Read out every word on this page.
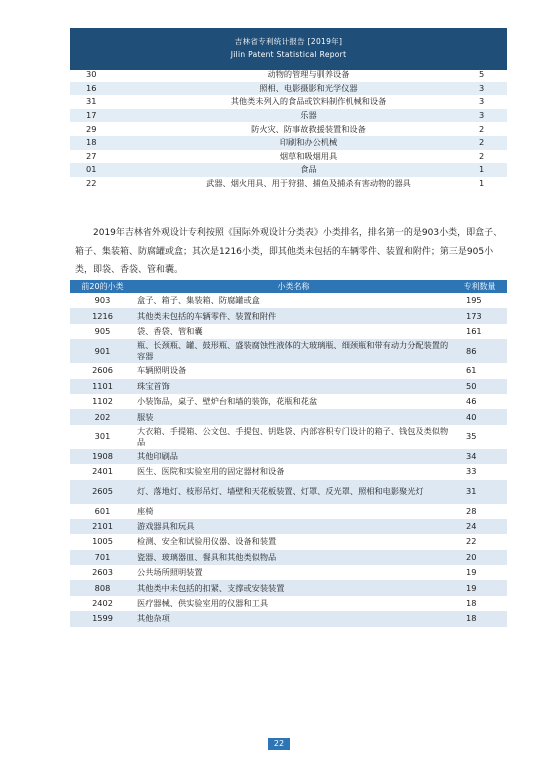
吉林省专利统计报告 [2019年]
Jilin Patent Statistical Report
30	动物的管理与驯养设备	5
16	照相、电影摄影和光学仪器	3
31	其他类未列入的食品或饮料制作机械和设备	3
17	乐器	3
29	防火灾、防事故救援装置和设备	2
18	印刷和办公机械	2
27	烟草和吸烟用具	2
01	食品	1
22	武器、烟火用具、用于狩猎、捕鱼及捕杀有害动物的器具	1
2019年吉林省外观设计专利按照《国际外观设计分类表》小类排名，排名第一的是903小类，即盒子、箱子、集装箱、防腐罐或盒；其次是1216小类，即其他类未包括的车辆零件、装置和附件；第三是905小类，即袋、香袋、管和囊。
前20的小类	小类名称	专利数量
903	盒子、箱子、集装箱、防腐罐或盒	195
1216	其他类未包括的车辆零件、装置和附件	173
905	袋、香袋、管和囊	161
901	瓶、长颈瓶、罐、鼓形瓶、盛装腐蚀性液体的大玻璃瓶、细颈瓶和带有动力分配装置的容器	86
2606	车辆照明设备	61
1101	珠宝首饰	50
1102	小装饰品，桌子、壁炉台和墙的装饰，花瓶和花盆	46
202	服装	40
301	大衣箱、手提箱、公文包、手提包、钥匙袋、内部容积专门设计的箱子、钱包及类似物品	35
1908	其他印刷品	34
2401	医生、医院和实验室用的固定器材和设备	33
2605	灯、落地灯、枝形吊灯、墙壁和天花板装置、灯罩、反光罩、照相和电影聚光灯	31
601	座椅	28
2101	游戏器具和玩具	24
1005	检测、安全和试验用仪器、设备和装置	22
701	瓷器、玻璃器皿、餐具和其他类似物品	20
2603	公共场所照明装置	19
808	其他类中未包括的扣紧、支撑或安装装置	19
2402	医疗器械、供实验室用的仪器和工具	18
1599	其他杂项	18
22
